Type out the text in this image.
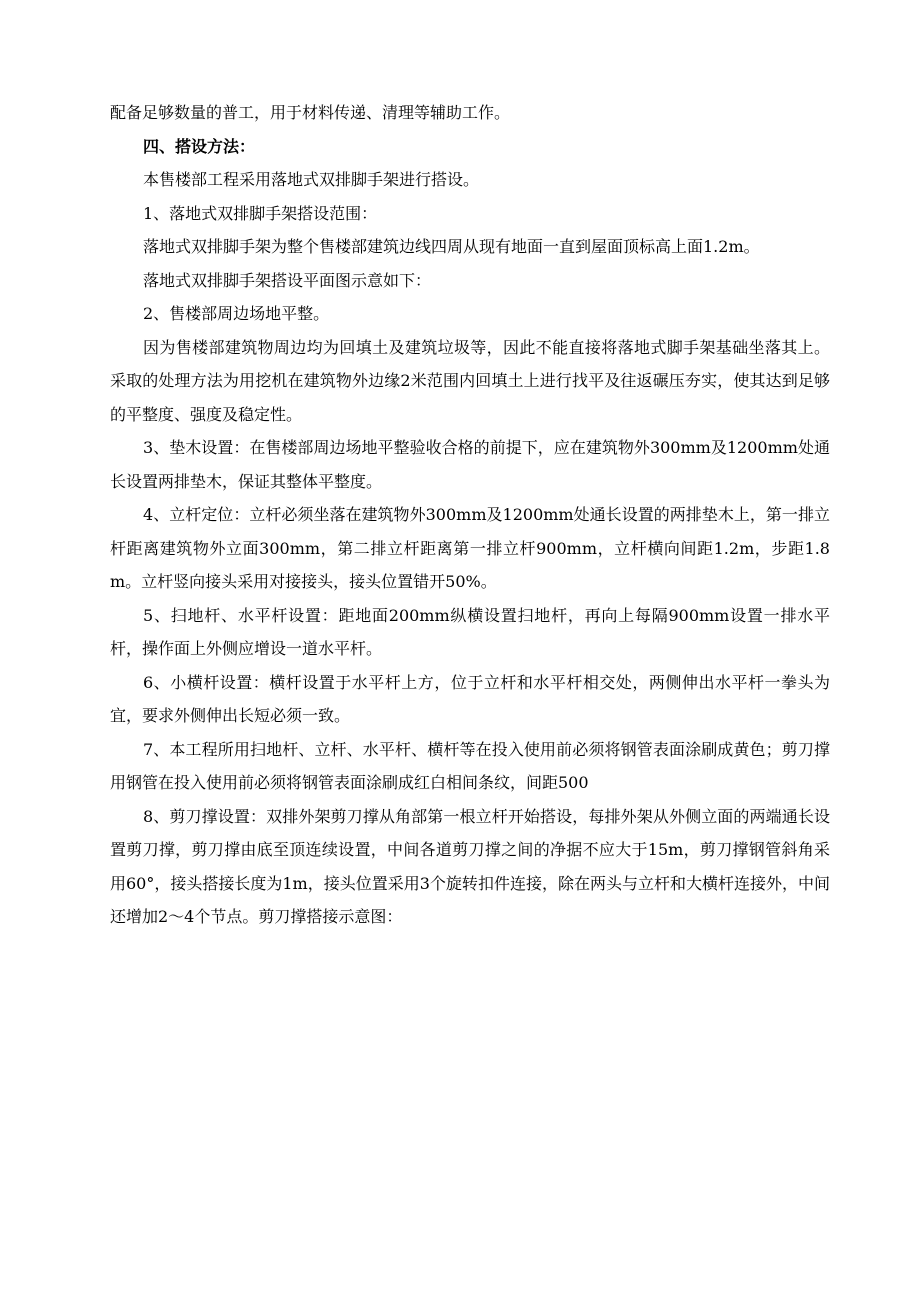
配备足够数量的普工，用于材料传递、清理等辅助工作。

四、搭设方法：

本售楼部工程采用落地式双排脚手架进行搭设。

1、落地式双排脚手架搭设范围：

落地式双排脚手架为整个售楼部建筑边线四周从现有地面一直到屋面顶标高上面1.2m。

落地式双排脚手架搭设平面图示意如下：

2、售楼部周边场地平整。

因为售楼部建筑物周边均为回填土及建筑垃圾等，因此不能直接将落地式脚手架基础坐落其上。采取的处理方法为用挖机在建筑物外边缘2米范围内回填土上进行找平及往返碾压夯实，使其达到足够的平整度、强度及稳定性。

3、垫木设置：在售楼部周边场地平整验收合格的前提下，应在建筑物外300mm及1200mm处通长设置两排垫木，保证其整体平整度。

4、立杆定位：立杆必须坐落在建筑物外300mm及1200mm处通长设置的两排垫木上，第一排立杆距离建筑物外立面300mm，第二排立杆距离第一排立杆900mm，立杆横向间距1.2m，步距1.8m。立杆竖向接头采用对接接头，接头位置错开50%。

5、扫地杆、水平杆设置：距地面200mm纵横设置扫地杆，再向上每隔900mm设置一排水平杆，操作面上外侧应增设一道水平杆。

6、小横杆设置：横杆设置于水平杆上方，位于立杆和水平杆相交处，两侧伸出水平杆一拳头为宜，要求外侧伸出长短必须一致。

7、本工程所用扫地杆、立杆、水平杆、横杆等在投入使用前必须将钢管表面涂刷成黄色；剪刀撑用钢管在投入使用前必须将钢管表面涂刷成红白相间条纹，间距500

8、剪刀撑设置：双排外架剪刀撑从角部第一根立杆开始搭设，每排外架从外侧立面的两端通长设置剪刀撑，剪刀撑由底至顶连续设置，中间各道剪刀撑之间的净据不应大于15m，剪刀撑钢管斜角采用60°，接头搭接长度为1m，接头位置采用3个旋转扣件连接，除在两头与立杆和大横杆连接外，中间还增加2～4个节点。剪刀撑搭接示意图：
